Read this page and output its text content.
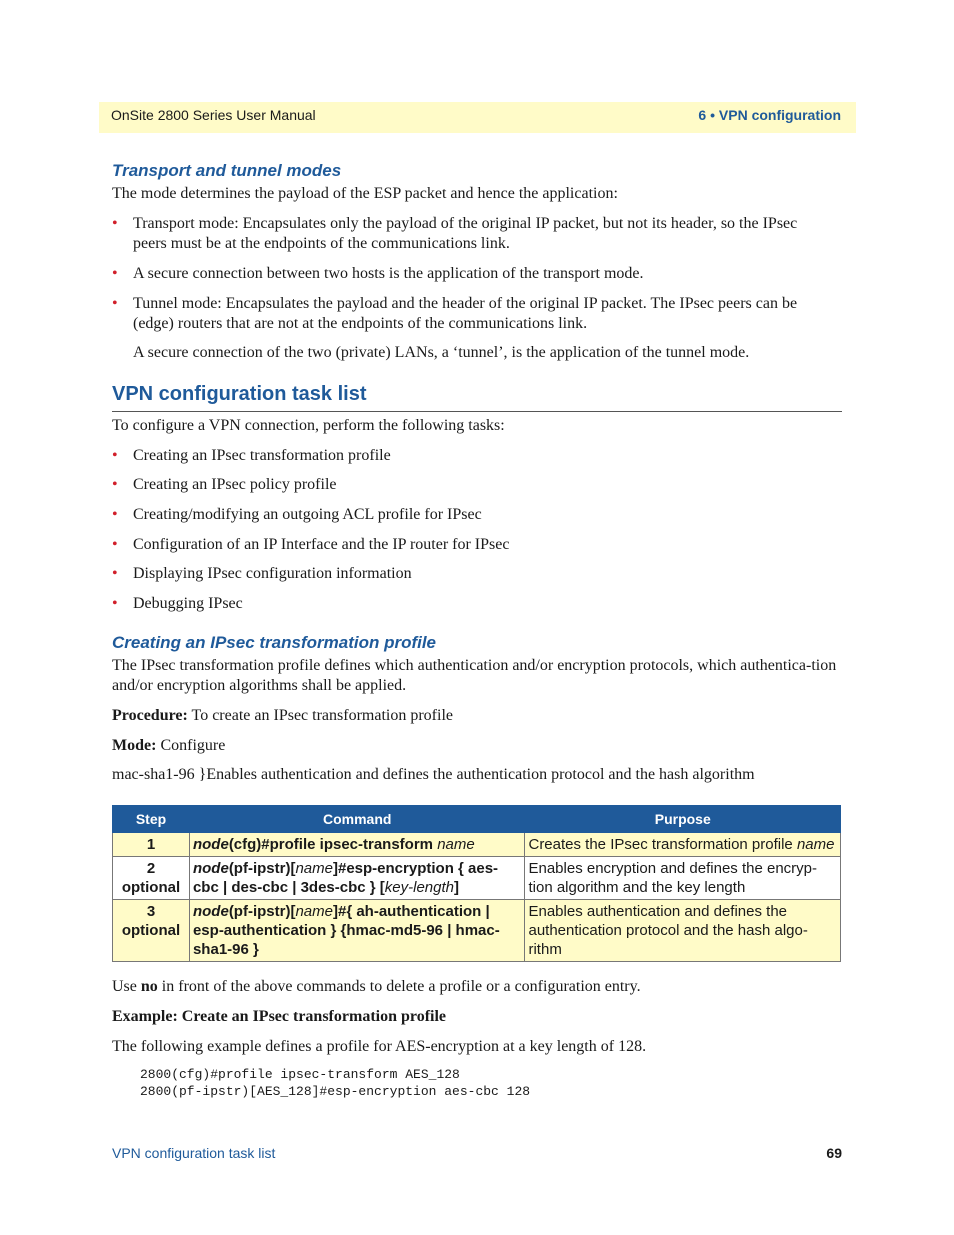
OnSite 2800 Series User Manual	6 • VPN configuration
Transport and tunnel modes
The mode determines the payload of the ESP packet and hence the application:
• Transport mode: Encapsulates only the payload of the original IP packet, but not its header, so the IPsec peers must be at the endpoints of the communications link.
• A secure connection between two hosts is the application of the transport mode.
• Tunnel mode: Encapsulates the payload and the header of the original IP packet. The IPsec peers can be (edge) routers that are not at the endpoints of the communications link.
A secure connection of the two (private) LANs, a ‘tunnel’, is the application of the tunnel mode.
VPN configuration task list
To configure a VPN connection, perform the following tasks:
• Creating an IPsec transformation profile
• Creating an IPsec policy profile
• Creating/modifying an outgoing ACL profile for IPsec
• Configuration of an IP Interface and the IP router for IPsec
• Displaying IPsec configuration information
• Debugging IPsec
Creating an IPsec transformation profile
The IPsec transformation profile defines which authentication and/or encryption protocols, which authentica-tion and/or encryption algorithms shall be applied.
Procedure: To create an IPsec transformation profile
Mode: Configure
mac-sha1-96 }Enables authentication and defines the authentication protocol and the hash algorithm
Step	Command	Purpose
1	node(cfg)#profile ipsec-transform name	Creates the IPsec transformation profile name
2
optional	node(pf-ipstr)[name]#esp-encryption { aes-cbc | des-cbc | 3des-cbc } [key-length]	Enables encryption and defines the encryp-tion algorithm and the key length
3
optional	node(pf-ipstr)[name]#{ ah-authentication | esp-authentication } {hmac-md5-96 | hmac-sha1-96 }	Enables authentication and defines the authentication protocol and the hash algo-rithm
Use no in front of the above commands to delete a profile or a configuration entry.
Example: Create an IPsec transformation profile
The following example defines a profile for AES-encryption at a key length of 128.
2800(cfg)#profile ipsec-transform AES_128
2800(pf-ipstr)[AES_128]#esp-encryption aes-cbc 128
VPN configuration task list	69
